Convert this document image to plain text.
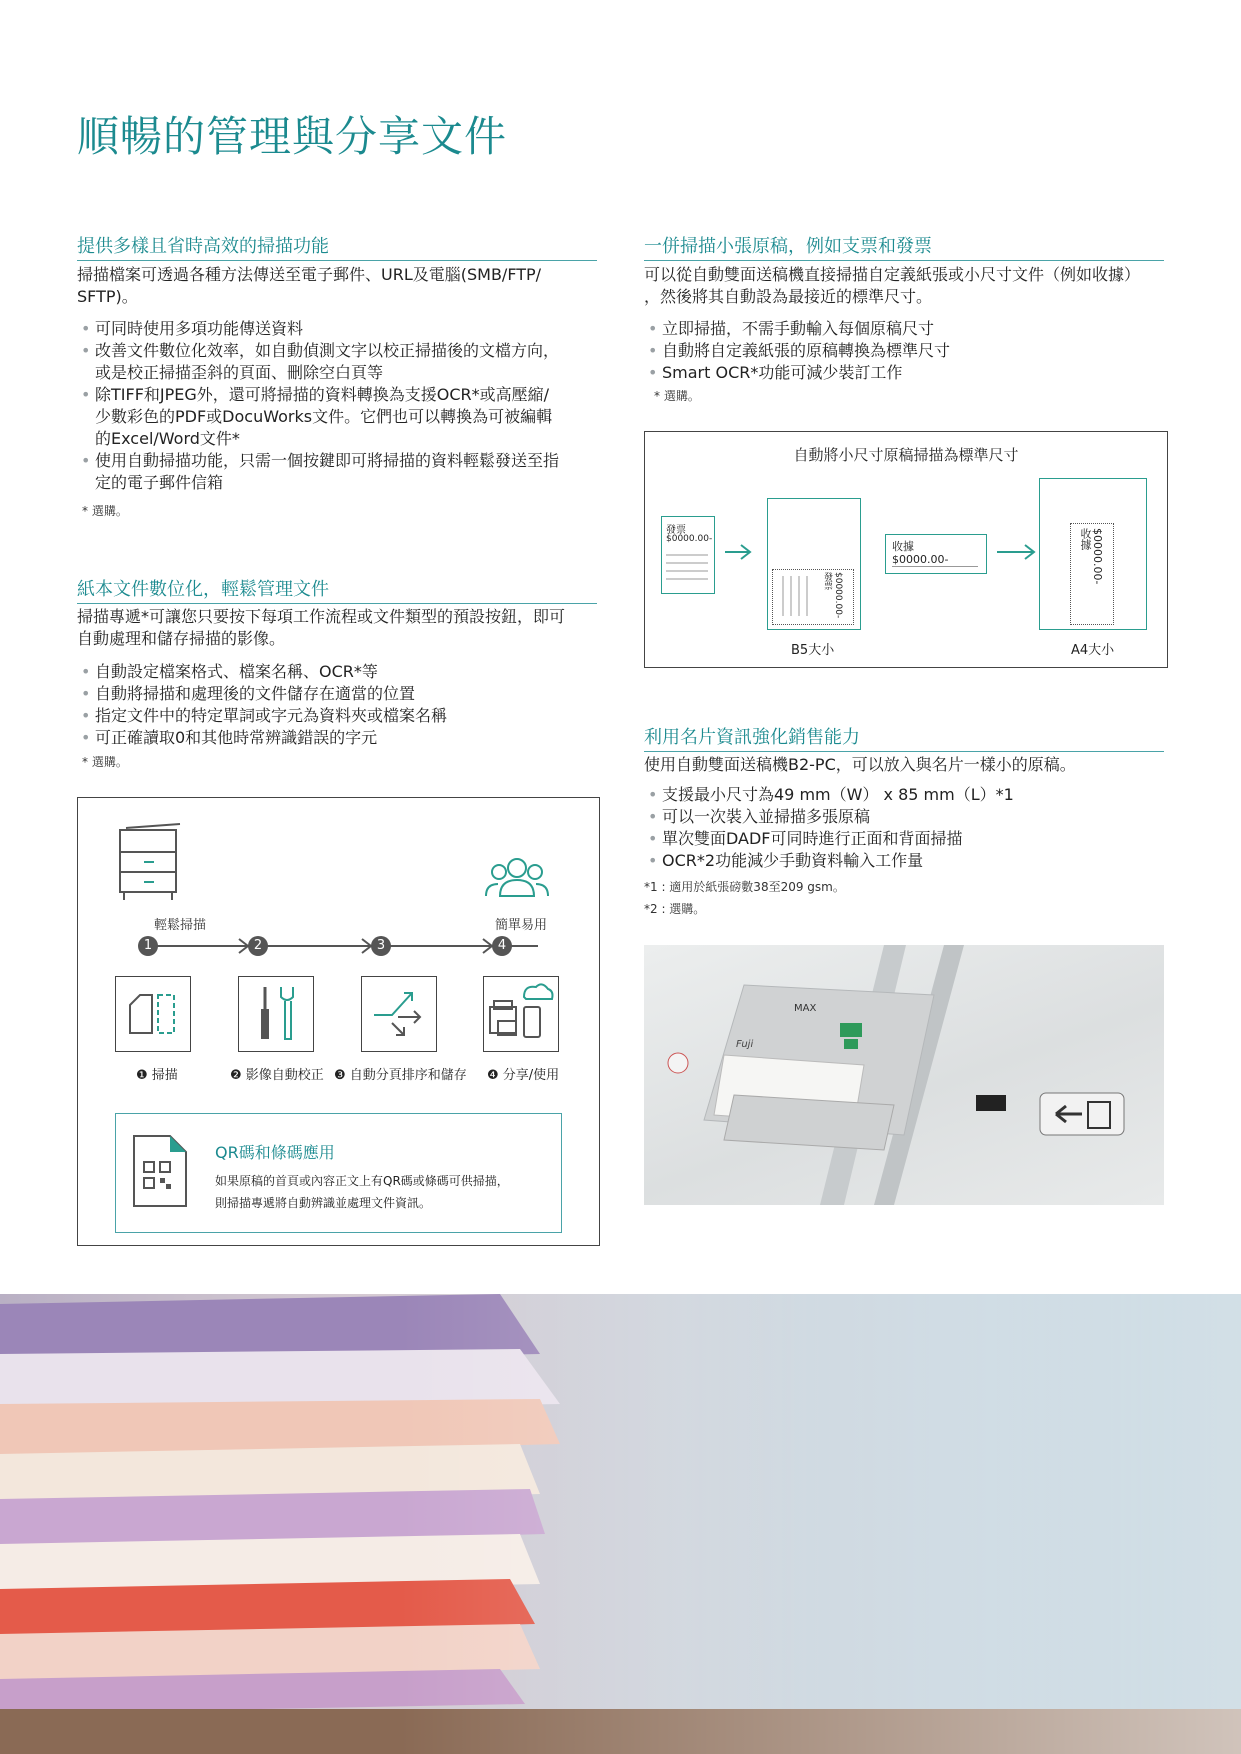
順暢的管理與分享文件
提供多樣且省時高效的掃描功能
掃描檔案可透過各種方法傳送至電子郵件、URL及電腦(SMB/FTP/
SFTP)。
• 可同時使用多項功能傳送資料
• 改善文件數位化效率，如自動偵測文字以校正掃描後的文檔方向，
或是校正掃描歪斜的頁面、刪除空白頁等
• 除TIFF和JPEG外，還可將掃描的資料轉換為支援OCR*或高壓縮/
少數彩色的PDF或DocuWorks文件。它們也可以轉換為可被編輯
的Excel/Word文件*
• 使用自動掃描功能，只需一個按鍵即可將掃描的資料輕鬆發送至指
定的電子郵件信箱
* 選購。
紙本文件數位化，輕鬆管理文件
掃描專遞*可讓您只要按下每項工作流程或文件類型的預設按鈕，即可
自動處理和儲存掃描的影像。
• 自動設定檔案格式、檔案名稱、OCR*等
• 自動將掃描和處理後的文件儲存在適當的位置
• 指定文件中的特定單詞或字元為資料夾或檔案名稱
• 可正確讀取0和其他時常辨識錯誤的字元
* 選購。
輕鬆掃描	簡單易用
1	2	3	4
❶ 掃描	❷ 影像自動校正 ❸ 自動分頁排序和儲存 ❹ 分享/使用
QR碼和條碼應用
如果原稿的首頁或內容正文上有QR碼或條碼可供掃描，
則掃描專遞將自動辨識並處理文件資訊。
一併掃描小張原稿，例如支票和發票
可以從自動雙面送稿機直接掃描自定義紙張或小尺寸文件（例如收據）
，然後將其自動設為最接近的標準尺寸。
• 立即掃描，不需手動輸入每個原稿尺寸
• 自動將自定義紙張的原稿轉換為標準尺寸
• Smart OCR*功能可減少裝訂工作
* 選購。
自動將小尺寸原稿掃描為標準尺寸
發票
$0000.00-
發票 $0000.00-
B5大小
收據
$0000.00-
收據 $0000.00-
A4大小
利用名片資訊強化銷售能力
使用自動雙面送稿機B2-PC，可以放入與名片一樣小的原稿。
• 支援最小尺寸為49 mm（W） x 85 mm（L）*1
• 可以一次裝入並掃描多張原稿
• 單次雙面DADF可同時進行正面和背面掃描
• OCR*2功能減少手動資料輸入工作量
*1 : 適用於紙張磅數38至209 gsm。
*2 : 選購。
MAX
Fuji
